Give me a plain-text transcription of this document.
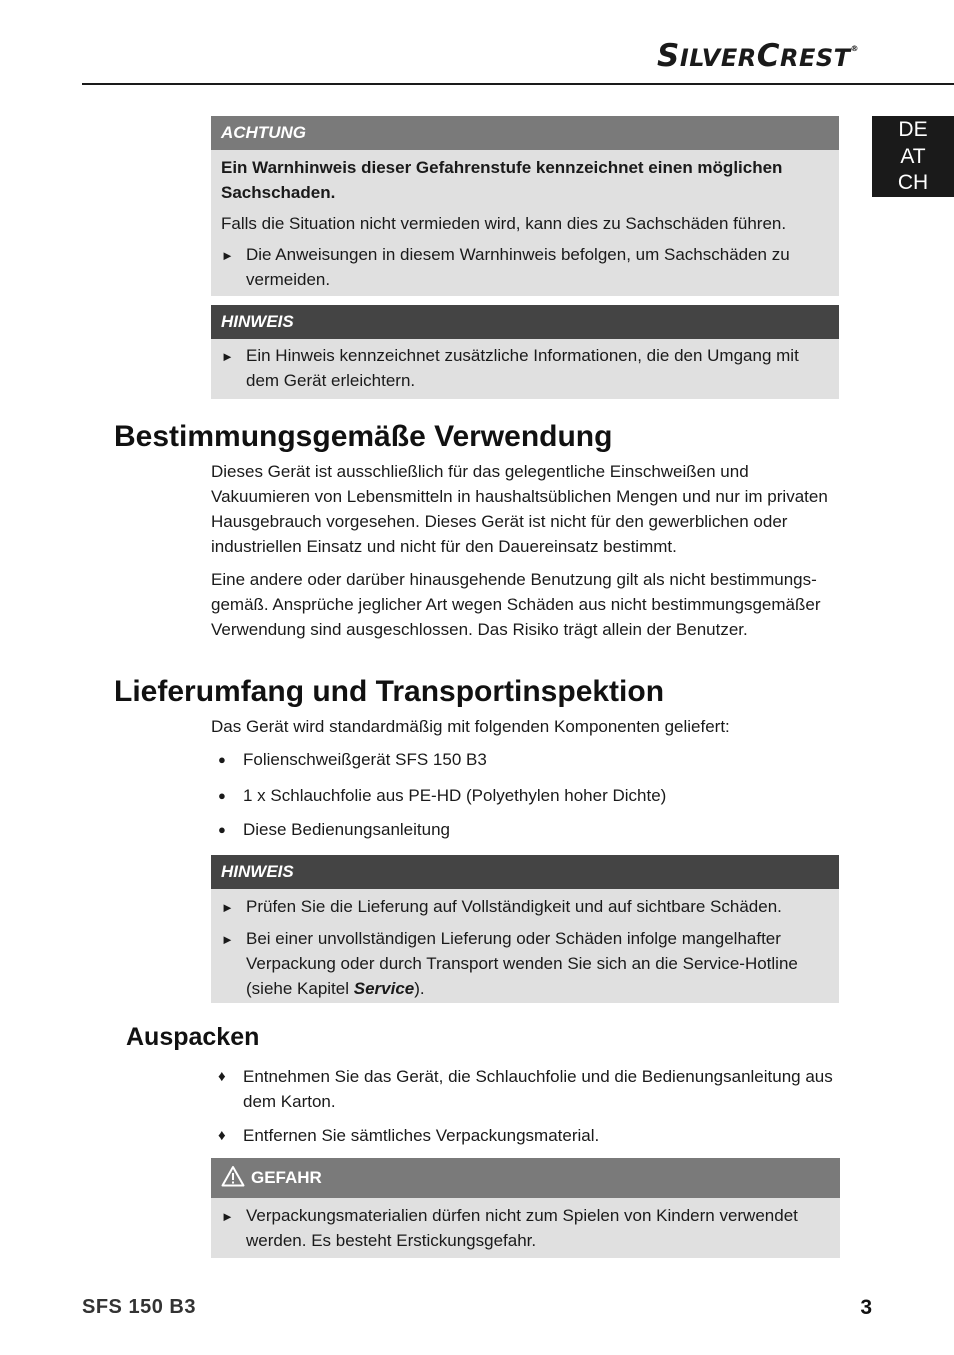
SILVERCREST®
DE
AT
CH
ACHTUNG

Ein Warnhinweis dieser Gefahrenstufe kennzeichnet einen möglichen Sachschaden.

Falls die Situation nicht vermieden wird, kann dies zu Sachschäden führen.

► Die Anweisungen in diesem Warnhinweis befolgen, um Sachschäden zu vermeiden.
HINWEIS
► Ein Hinweis kennzeichnet zusätzliche Informationen, die den Umgang mit dem Gerät erleichtern.
Bestimmungsgemäße Verwendung

Dieses Gerät ist ausschließlich für das gelegentliche Einschweißen und Vakuumieren von Lebensmitteln in haushaltsüblichen Mengen und nur im privaten Hausgebrauch vorgesehen. Dieses Gerät ist nicht für den gewerblichen oder industriellen Einsatz und nicht für den Dauereinsatz bestimmt.

Eine andere oder darüber hinausgehende Benutzung gilt als nicht bestimmungsgemäß. Ansprüche jeglicher Art wegen Schäden aus nicht bestimmungsgemäßer Verwendung sind ausgeschlossen. Das Risiko trägt allein der Benutzer.

Lieferumfang und Transportinspektion

Das Gerät wird standardmäßig mit folgenden Komponenten geliefert:

●	Folienschweißgerät SFS 150 B3
●	1 x Schlauchfolie aus PE-HD (Polyethylen hoher Dichte)
●	Diese Bedienungsanleitung
HINWEIS
► Prüfen Sie die Lieferung auf Vollständigkeit und auf sichtbare Schäden.
► Bei einer unvollständigen Lieferung oder Schäden infolge mangelhafter Verpackung oder durch Transport wenden Sie sich an die Service-Hotline (siehe Kapitel Service).
Auspacken
♦	Entnehmen Sie das Gerät, die Schlauchfolie und die Bedienungsanleitung aus dem Karton.
♦	Entfernen Sie sämtliches Verpackungsmaterial.
GEFAHR
► Verpackungsmaterialien dürfen nicht zum Spielen von Kindern verwendet werden. Es besteht Erstickungsgefahr.
SFS 150 B3	3
